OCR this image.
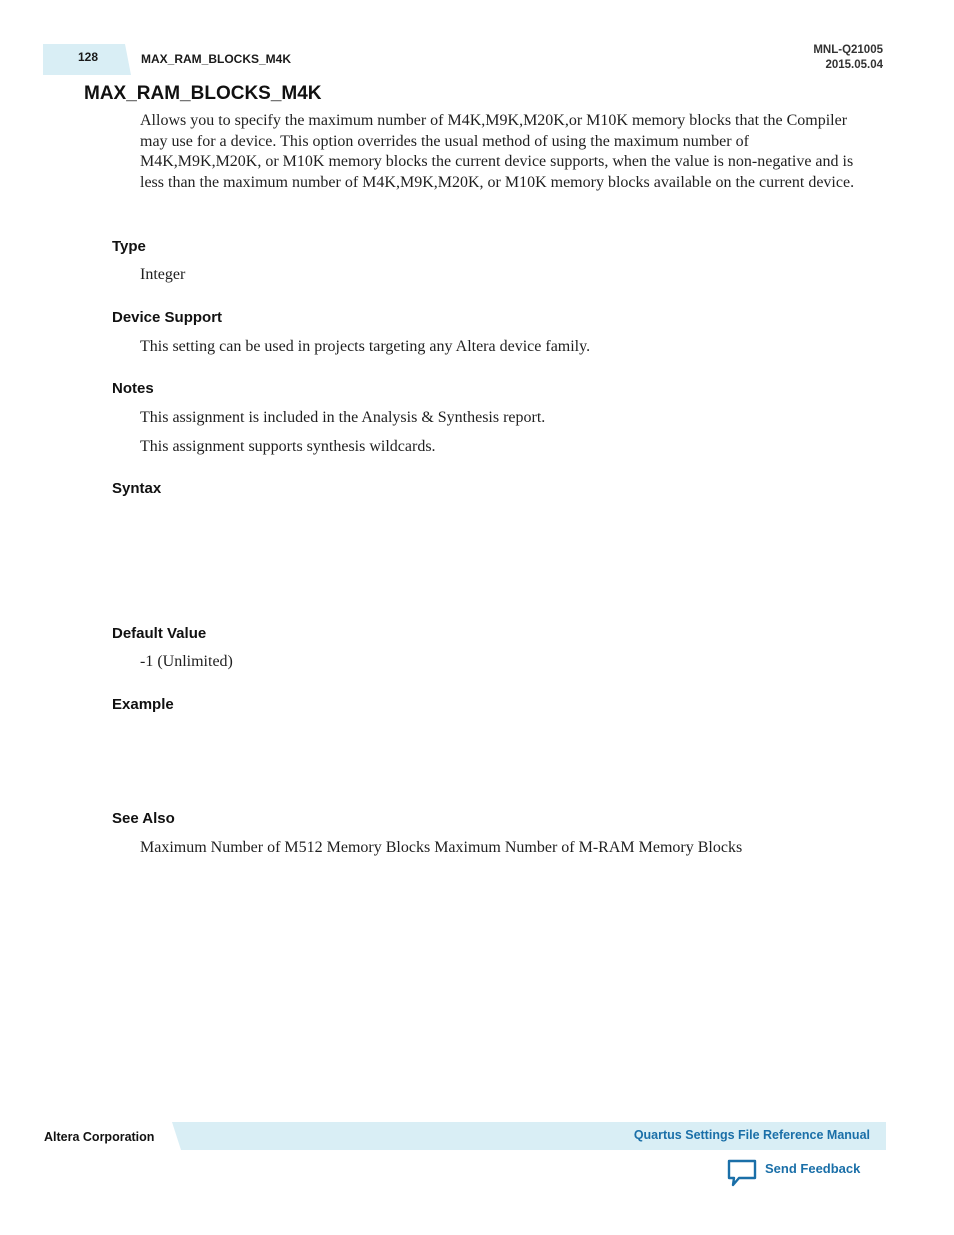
128	MAX_RAM_BLOCKS_M4K
MNL-Q21005
2015.05.04
MAX_RAM_BLOCKS_M4K
Allows you to specify the maximum number of M4K,M9K,M20K,or M10K memory blocks that the Compiler may use for a device. This option overrides the usual method of using the maximum number of M4K,M9K,M20K, or M10K memory blocks the current device supports, when the value is non-negative and is less than the maximum number of M4K,M9K,M20K, or M10K memory blocks available on the current device.
Type
Integer
Device Support
This setting can be used in projects targeting any Altera device family.
Notes
This assignment is included in the Analysis & Synthesis report.
This assignment supports synthesis wildcards.
Syntax
Default Value
-1 (Unlimited)
Example
See Also
Maximum Number of M512 Memory Blocks Maximum Number of M-RAM Memory Blocks
Altera Corporation	Quartus Settings File Reference Manual
Send Feedback
